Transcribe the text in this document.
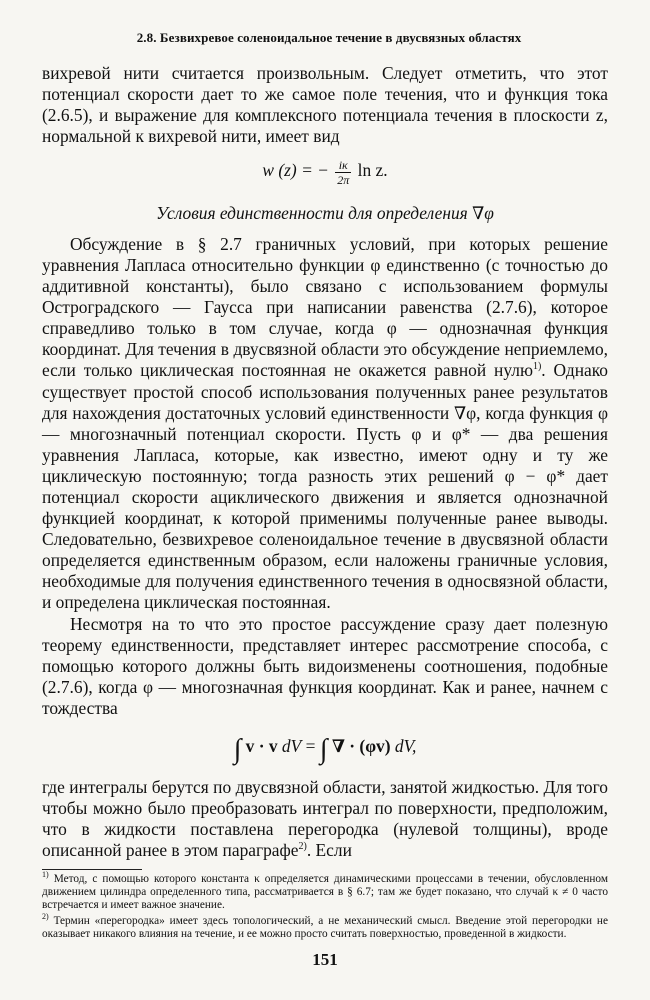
2.8. Безвихревое соленоидальное течение в двусвязных областях

вихревой нити считается произвольным. Следует отметить, что этот потенциал скорости дает то же самое поле течения, что и функция тока (2.6.5), и выражение для комплексного потенциала течения в плоскости z, нормальной к вихревой нити, имеет вид

w (z) = − $\frac{i\kappa}{2\pi}$ ln z.
Условия единственности для определения ∇φ

Обсуждение в § 2.7 граничных условий, при которых решение уравнения Лапласа относительно функции φ единственно (с точностью до аддитивной константы), было связано с использованием формулы Остроградского — Гаусса при написании равенства (2.7.6), которое справедливо только в том случае, когда φ — однозначная функция координат. Для течения в двусвязной области это обсуждение неприемлемо, если только циклическая постоянная не окажется равной нулю$^{1)}$. Однако существует простой способ использования полученных ранее результатов для нахождения достаточных условий единственности ∇φ, когда функция φ — многозначный потенциал скорости. Пусть φ и φ* — два решения уравнения Лапласа, которые, как известно, имеют одну и ту же циклическую постоянную; тогда разность этих решений φ − φ* дает потенциал скорости ациклического движения и является однозначной функцией координат, к которой применимы полученные ранее выводы. Следовательно, безвихревое соленоидальное течение в двусвязной области определяется единственным образом, если наложены граничные условия, необходимые для получения единственного течения в односвязной области, и определена циклическая постоянная.

Несмотря на то что это простое рассуждение сразу дает полезную теорему единственности, представляет интерес рассмотрение способа, с помощью которого должны быть видоизменены соотношения, подобные (2.7.6), когда φ — многозначная функция координат. Как и ранее, начнем с тождества

∫ v · v dV = ∫ ∇ · (φv) dV,

где интегралы берутся по двусвязной области, занятой жидкостью. Для того чтобы можно было преобразовать интеграл по поверхности, предположим, что в жидкости поставлена перегородка (нулевой толщины), вроде описанной ранее в этом параграфе$^{2)}$. Если

$^{1)}$ Метод, с помощью которого константа κ определяется динамическими процессами в течении, обусловленном движением цилиндра определенного типа, рассматривается в § 6.7; там же будет показано, что случай κ ≠ 0 часто встречается и имеет важное значение.
$^{2)}$ Термин «перегородка» имеет здесь топологический, а не механический смысл. Введение этой перегородки не оказывает никакого влияния на течение, и ее можно просто считать поверхностью, проведенной в жидкости.
151
